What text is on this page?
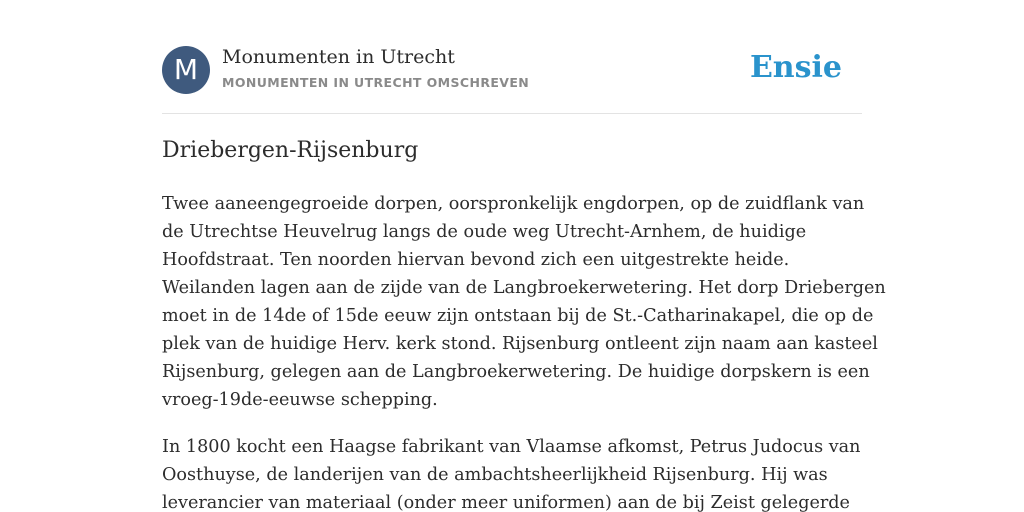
M	Monumenten in Utrecht
MONUMENTEN IN UTRECHT OMSCHREVEN	Ensie
Driebergen-Rijsenburg

Twee aaneengegroeide dorpen, oorspronkelijk engdorpen, op de zuidflank van
de Utrechtse Heuvelrug langs de oude weg Utrecht-Arnhem, de huidige
Hoofdstraat. Ten noorden hiervan bevond zich een uitgestrekte heide.
Weilanden lagen aan de zijde van de Langbroekerwetering. Het dorp Driebergen
moet in de 14de of 15de eeuw zijn ontstaan bij de St.-Catharinakapel, die op de
plek van de huidige Herv. kerk stond. Rijsenburg ontleent zijn naam aan kasteel
Rijsenburg, gelegen aan de Langbroekerwetering. De huidige dorpskern is een
vroeg-19de-eeuwse schepping.

In 1800 kocht een Haagse fabrikant van Vlaamse afkomst, Petrus Judocus van
Oosthuyse, de landerijen van de ambachtsheerlijkheid Rijsenburg. Hij was
leverancier van materiaal (onder meer uniformen) aan de bij Zeist gelegerde
